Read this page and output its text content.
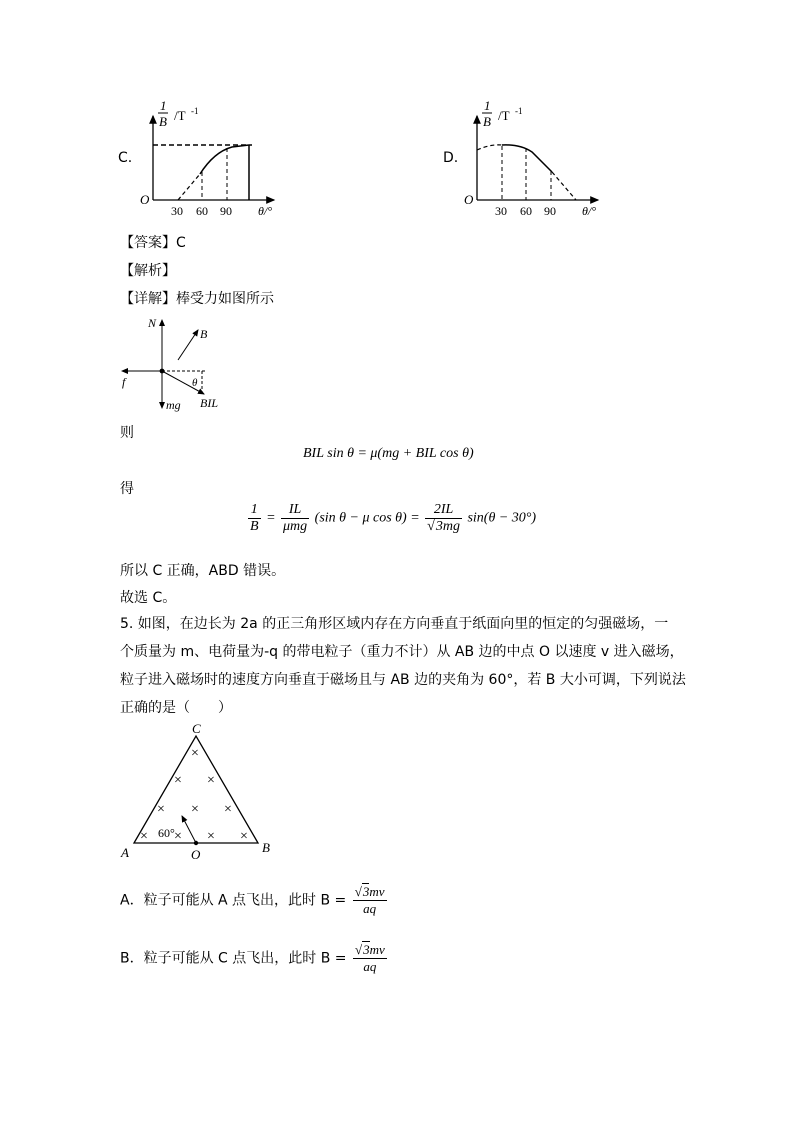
C.
1
B /T -1
O
30 60 90 θ/°
D.
1
B /T -1
O
30 60 90 θ/°
【答案】C
【解析】
【详解】棒受力如图所示
N
mg
f	θ
BIL
B
则
BIL sin θ = μ(mg + BIL cos θ)
得
$\frac{1}{B} = \frac{IL}{\text{μmg}} (\sin$ θ − μ $\cos \theta) = \frac{2IL}{√3mg} \sin(\theta - 30^\circ)$
所以 C 正确，ABD 错误。
故选 C。
5. 如图，在边长为 2a 的正三角形区域内存在方向垂直于纸面向里的恒定的匀强磁场，一
个质量为 m、电荷量为-q 的带电粒子（重力不计）从 AB 边的中点 O 以速度 v 进入磁场，
粒子进入磁场时的速度方向垂直于磁场且与 AB 边的夹角为 60°，若 B 大小可调，下列说法
正确的是（　　）
C
A	B
O
60°
×
× ×
× × ×
× × × ×
A．粒子可能从 A 点飞出，此时 $B = \frac{√3mv}{aq}$
B．粒子可能从 C 点飞出，此时 $B = \frac{√3mv}{aq}$
